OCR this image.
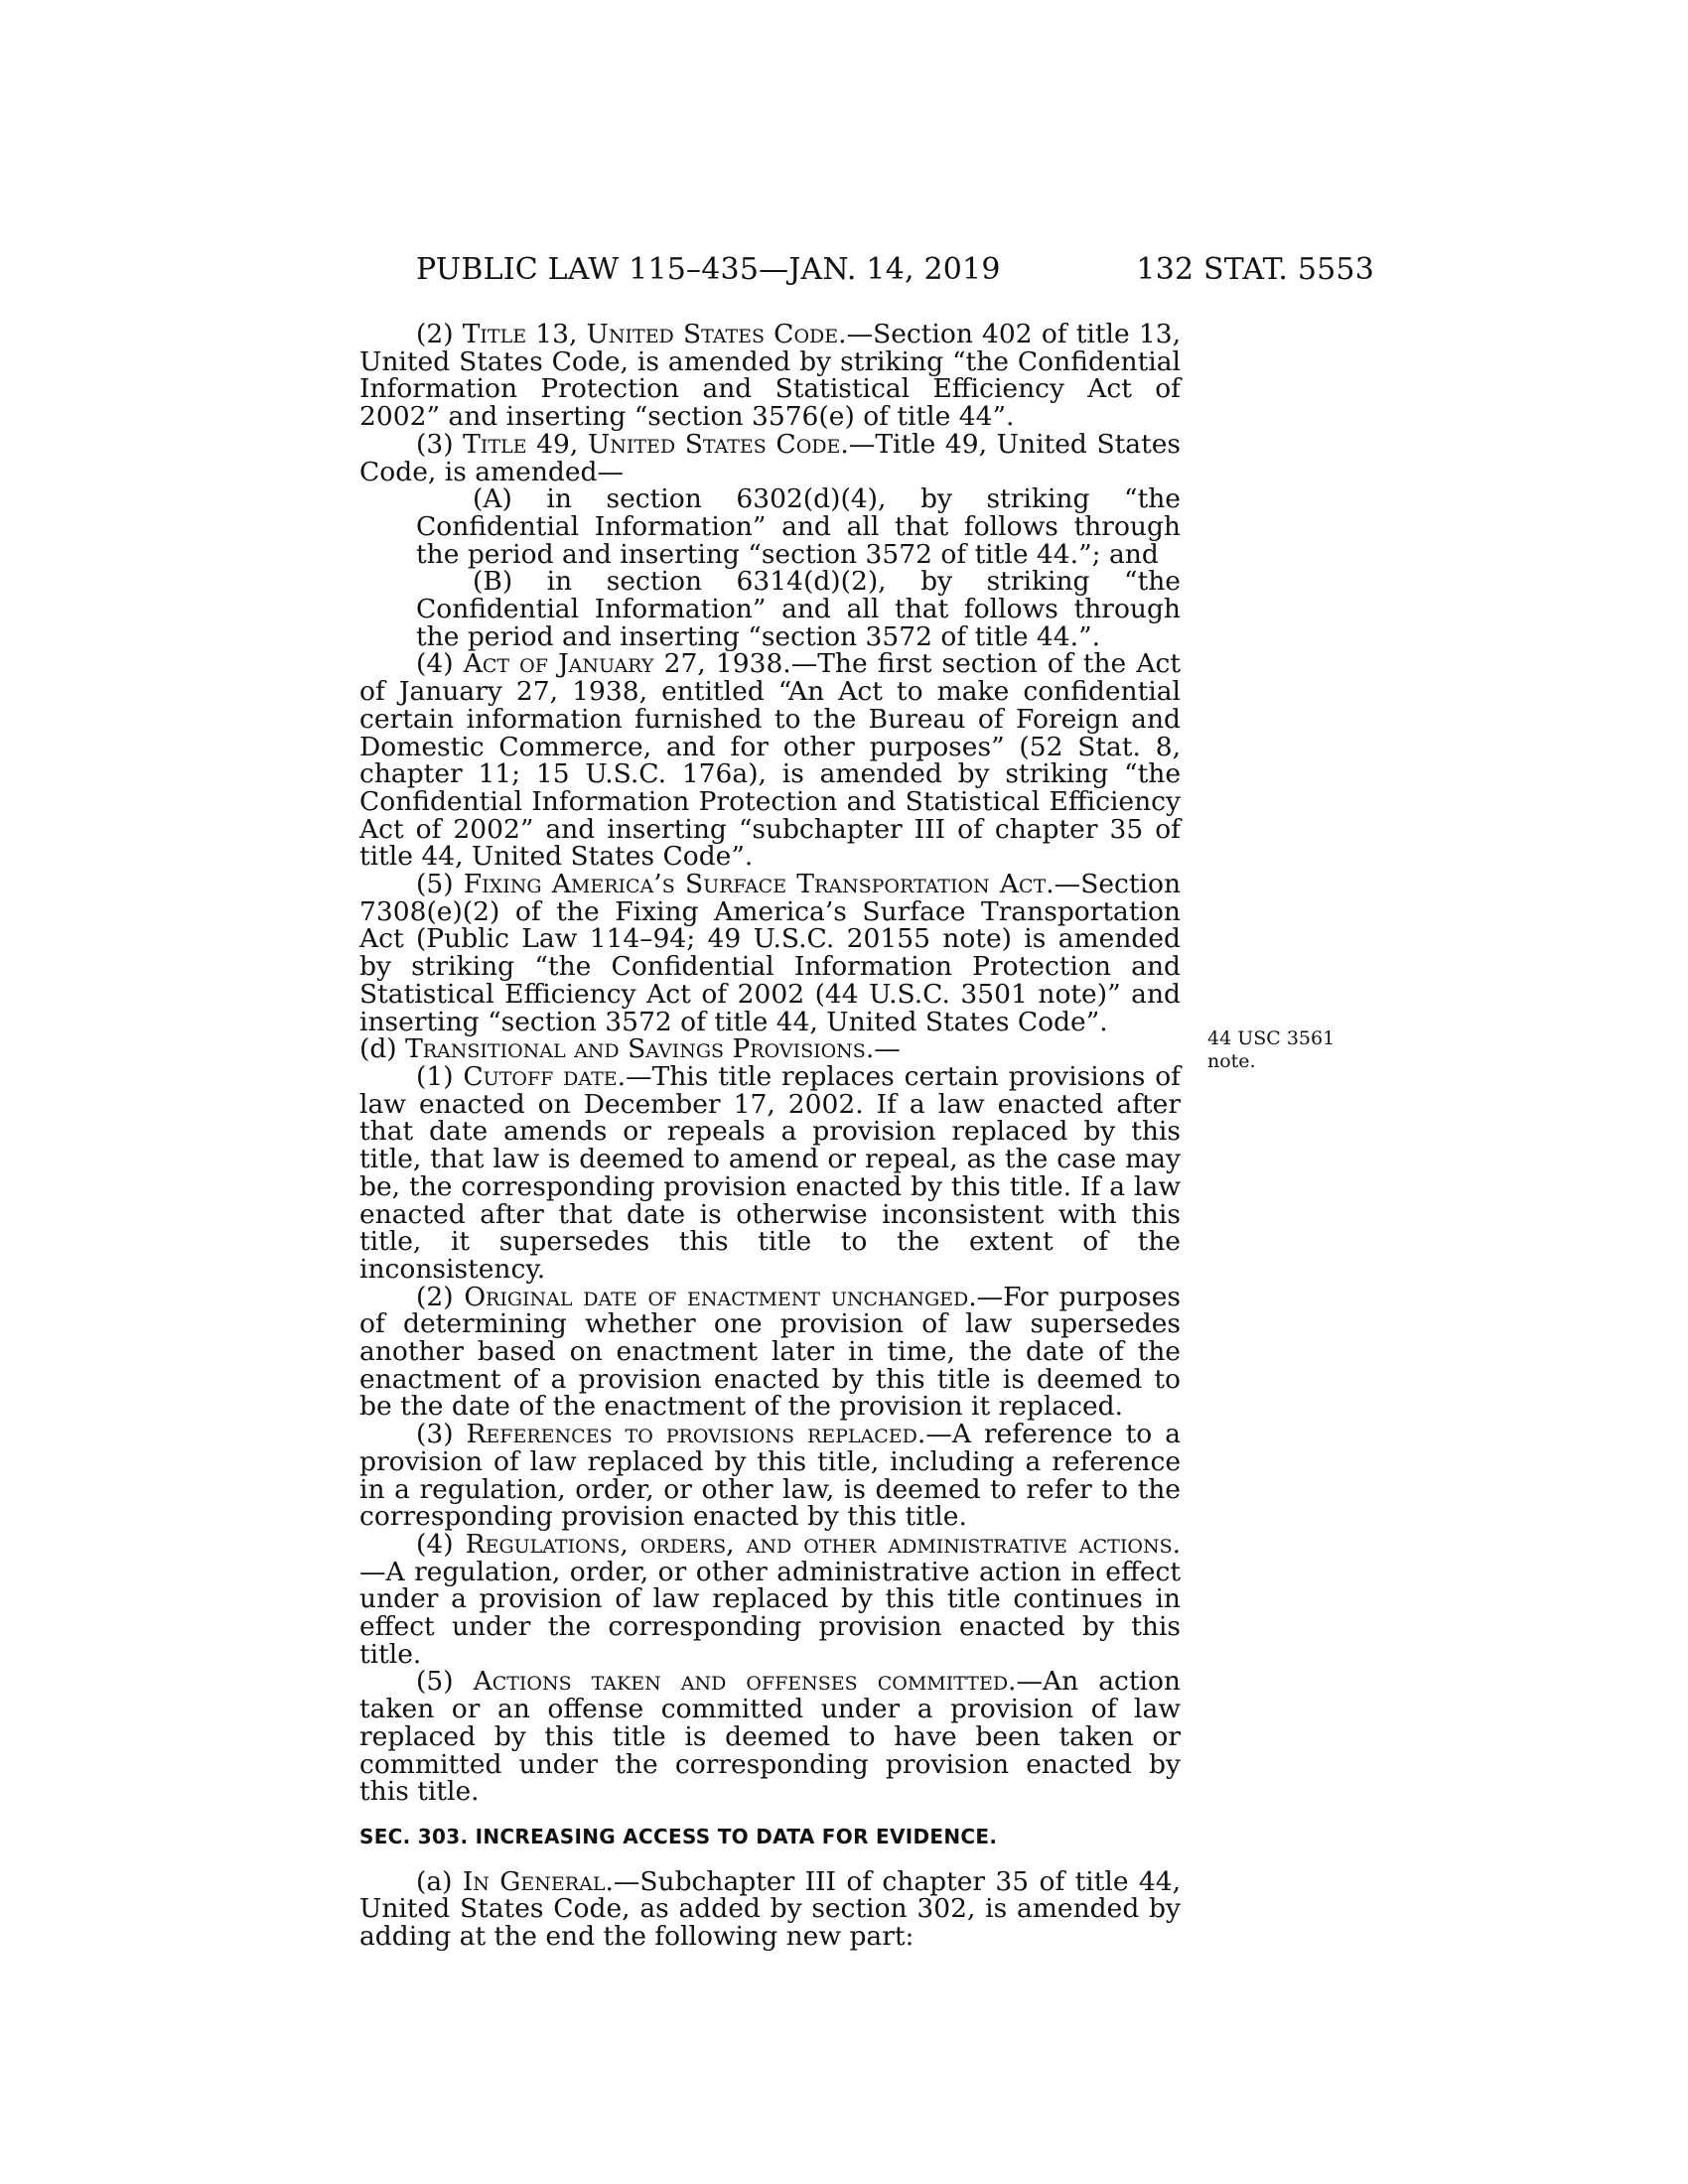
PUBLIC LAW 115–435—JAN. 14, 2019	132 STAT. 5553
44 USC 3561
note.

(2) Title 13, United States Code.—Section 402 of title 13, United States Code, is amended by striking “the Confidential Information Protection and Statistical Efficiency Act of 2002” and inserting “section 3576(e) of title 44”.

(3) Title 49, United States Code.—Title 49, United States Code, is amended—

(A) in section 6302(d)(4), by striking “the Confidential Information” and all that follows through the period and inserting “section 3572 of title 44.”; and

(B) in section 6314(d)(2), by striking “the Confidential Information” and all that follows through the period and inserting “section 3572 of title 44.”.

(4) Act of January 27, 1938.—The first section of the Act of January 27, 1938, entitled “An Act to make confidential certain information furnished to the Bureau of Foreign and Domestic Commerce, and for other purposes” (52 Stat. 8, chapter 11; 15 U.S.C. 176a), is amended by striking “the Confidential Information Protection and Statistical Efficiency Act of 2002” and inserting “subchapter III of chapter 35 of title 44, United States Code”.

(5) Fixing America’s Surface Transportation Act.—Section 7308(e)(2) of the Fixing America’s Surface Transportation Act (Public Law 114–94; 49 U.S.C. 20155 note) is amended by striking “the Confidential Information Protection and Statistical Efficiency Act of 2002 (44 U.S.C. 3501 note)” and inserting “section 3572 of title 44, United States Code”.

(d) Transitional and Savings Provisions.—

(1) Cutoff date.—This title replaces certain provisions of law enacted on December 17, 2002. If a law enacted after that date amends or repeals a provision replaced by this title, that law is deemed to amend or repeal, as the case may be, the corresponding provision enacted by this title. If a law enacted after that date is otherwise inconsistent with this title, it supersedes this title to the extent of the inconsistency.

(2) Original date of enactment unchanged.—For purposes of determining whether one provision of law supersedes another based on enactment later in time, the date of the enactment of a provision enacted by this title is deemed to be the date of the enactment of the provision it replaced.

(3) References to provisions replaced.—A reference to a provision of law replaced by this title, including a reference in a regulation, order, or other law, is deemed to refer to the corresponding provision enacted by this title.

(4) Regulations, orders, and other administrative actions.—A regulation, order, or other administrative action in effect under a provision of law replaced by this title continues in effect under the corresponding provision enacted by this title.

(5) Actions taken and offenses committed.—An action taken or an offense committed under a provision of law replaced by this title is deemed to have been taken or committed under the corresponding provision enacted by this title.

SEC. 303. INCREASING ACCESS TO DATA FOR EVIDENCE.

(a) In General.—Subchapter III of chapter 35 of title 44, United States Code, as added by section 302, is amended by adding at the end the following new part:
